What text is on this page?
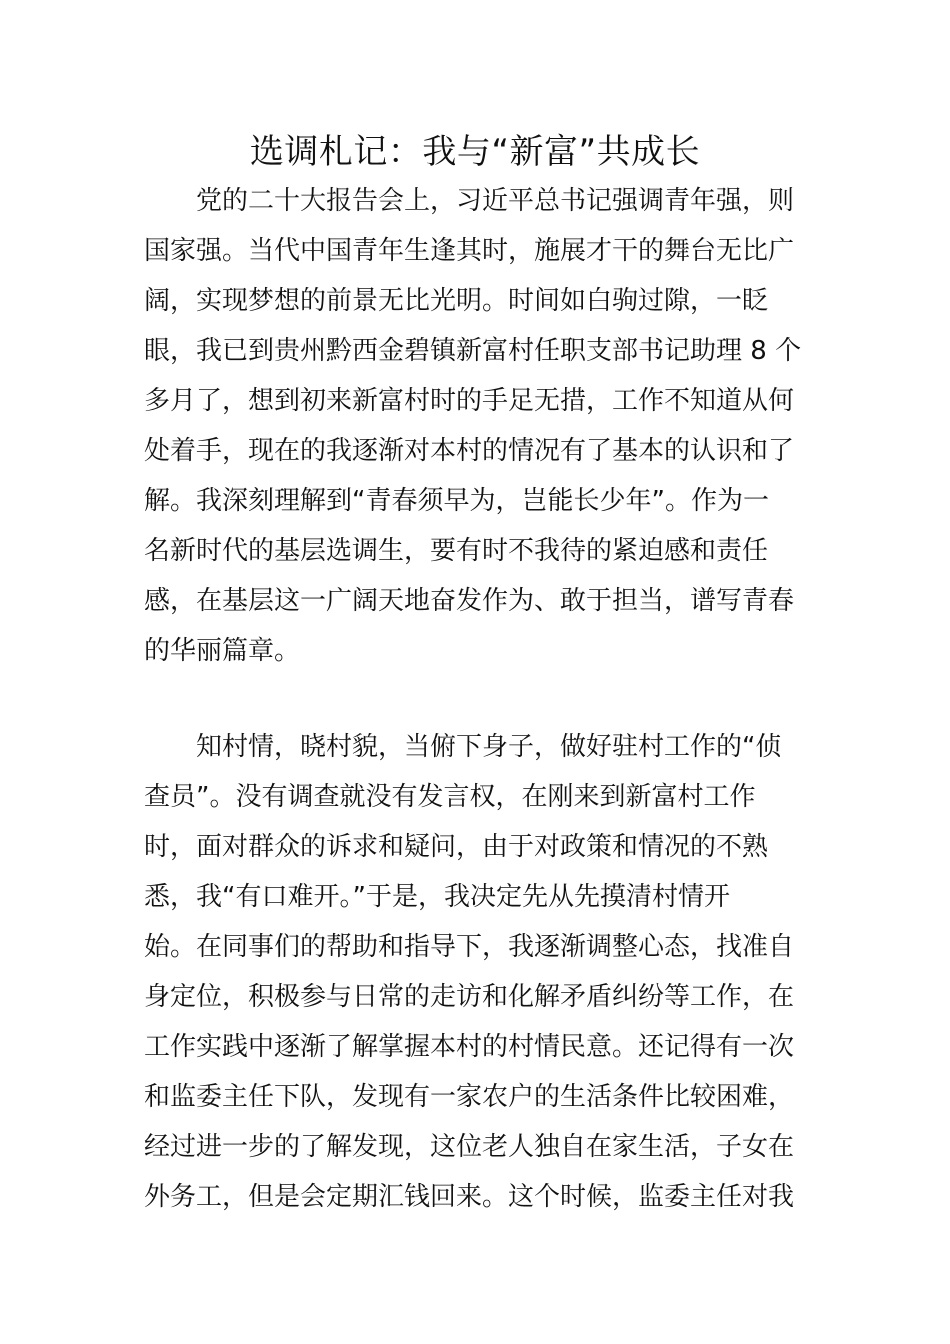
选调札记：我与“新富”共成长
党的二十大报告会上，习近平总书记强调青年强，则
国家强。当代中国青年生逢其时，施展才干的舞台无比广
阔，实现梦想的前景无比光明。时间如白驹过隙，一眨
眼，我已到贵州黔西金碧镇新富村任职支部书记助理 8 个
多月了，想到初来新富村时的手足无措，工作不知道从何
处着手，现在的我逐渐对本村的情况有了基本的认识和了
解。我深刻理解到“青春须早为，岂能长少年”。作为一
名新时代的基层选调生，要有时不我待的紧迫感和责任
感，在基层这一广阔天地奋发作为、敢于担当，谱写青春
的华丽篇章。
知村情，晓村貌，当俯下身子，做好驻村工作的“侦
查员”。没有调查就没有发言权，在刚来到新富村工作
时，面对群众的诉求和疑问，由于对政策和情况的不熟
悉，我“有口难开。”于是，我决定先从先摸清村情开
始。在同事们的帮助和指导下，我逐渐调整心态，找准自
身定位，积极参与日常的走访和化解矛盾纠纷等工作，在
工作实践中逐渐了解掌握本村的村情民意。还记得有一次
和监委主任下队，发现有一家农户的生活条件比较困难，
经过进一步的了解发现，这位老人独自在家生活，子女在
外务工，但是会定期汇钱回来。这个时候，监委主任对我
